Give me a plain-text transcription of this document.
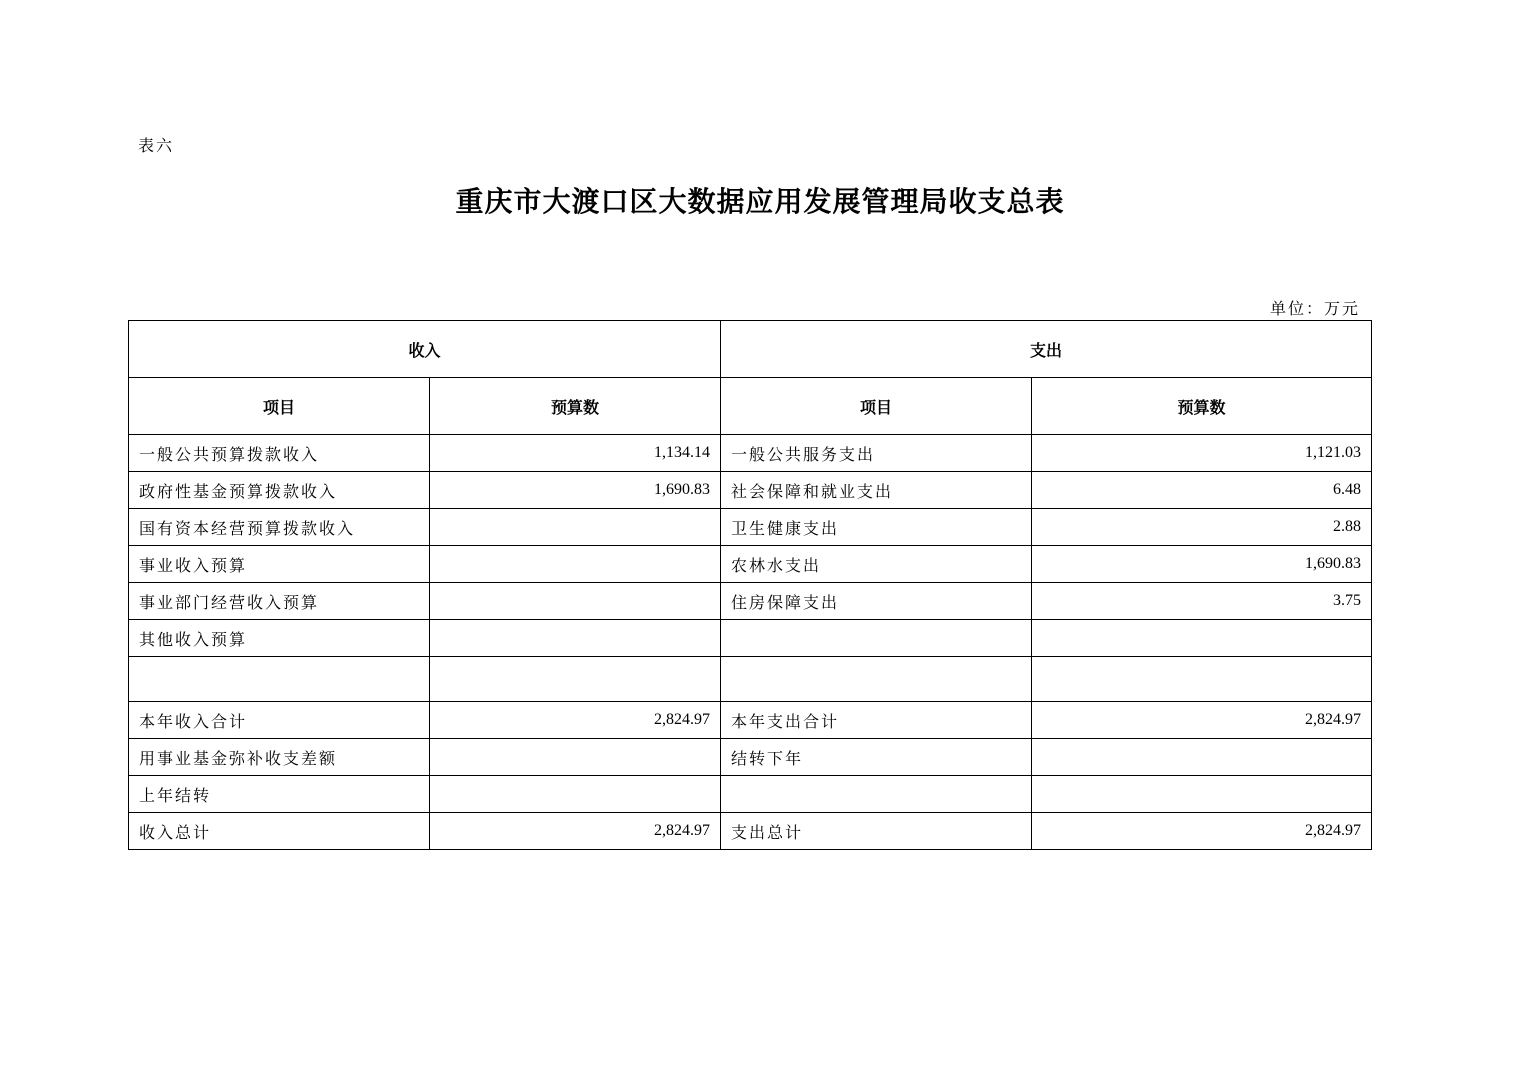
表六
重庆市大渡口区大数据应用发展管理局收支总表
单位：万元
收入		支出	
项目	预算数	项目	预算数
一般公共预算拨款收入	1,134.14	一般公共服务支出	1,121.03
政府性基金预算拨款收入	1,690.83	社会保障和就业支出	6.48
国有资本经营预算拨款收入		卫生健康支出	2.88
事业收入预算		农林水支出	1,690.83
事业部门经营收入预算		住房保障支出	3.75
其他收入预算			

本年收入合计	2,824.97	本年支出合计	2,824.97
用事业基金弥补收支差额		结转下年	
上年结转			
收入总计	2,824.97	支出总计	2,824.97
